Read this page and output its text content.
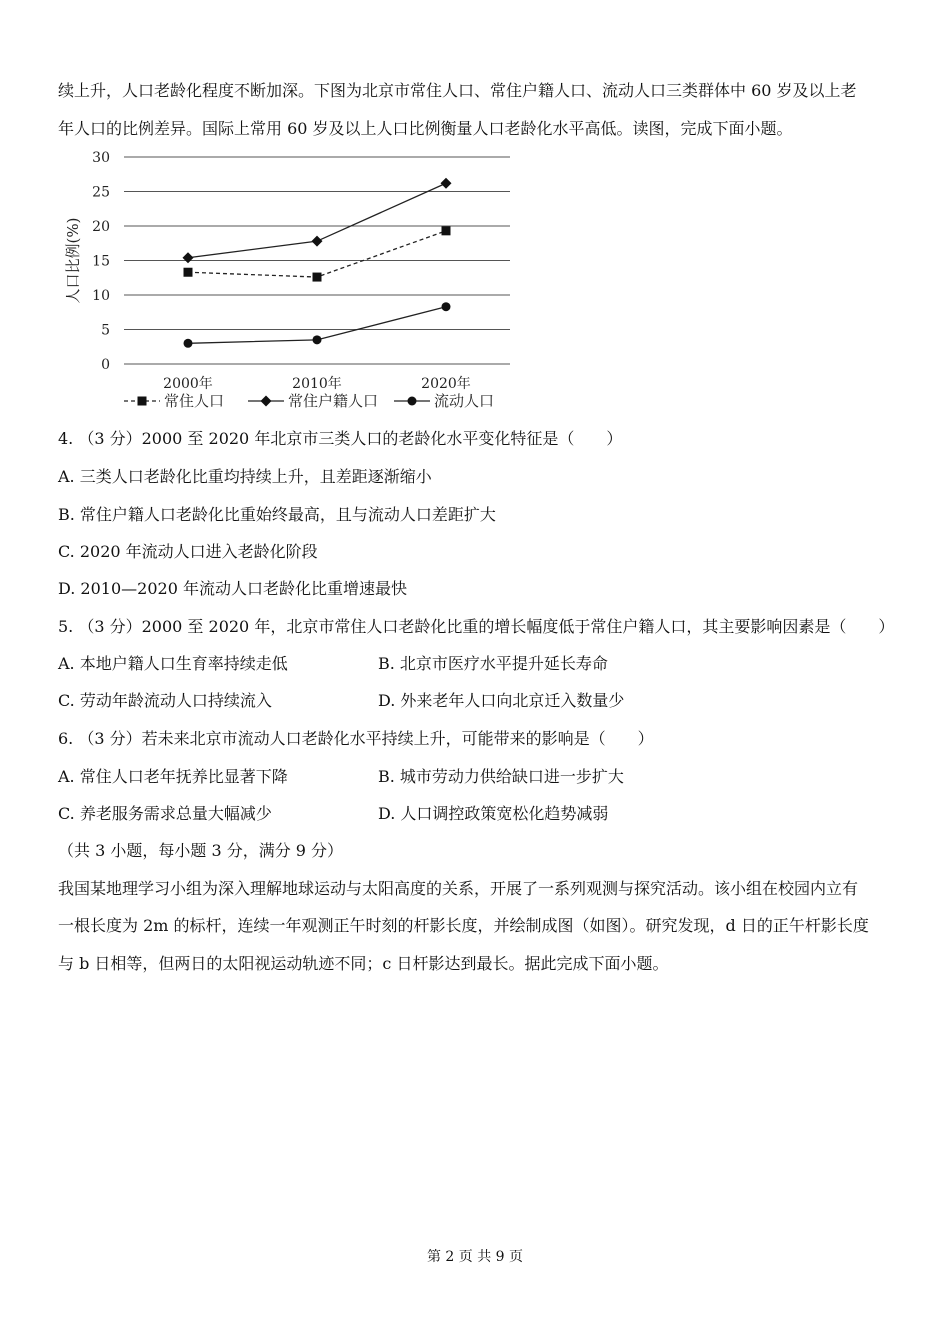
续上升，人口老龄化程度不断加深。下图为北京市常住人口、常住户籍人口、流动人口三类群体中 60 岁及以上老

年人口的比例差异。国际上常用 60 岁及以上人口比例衡量人口老龄化水平高低。读图，完成下面小题。

0
5
10
15
20
25
30
人口比例(%)
2000年	2010年	2020年
常住人口	常住户籍人口	流动人口

4. （3 分）2000 至 2020 年北京市三类人口的老龄化水平变化特征是（　　）

A. 三类人口老龄化比重均持续上升，且差距逐渐缩小

B. 常住户籍人口老龄化比重始终最高，且与流动人口差距扩大

C. 2020 年流动人口进入老龄化阶段

D. 2010—2020 年流动人口老龄化比重增速最快

5. （3 分）2000 至 2020 年，北京市常住人口老龄化比重的增长幅度低于常住户籍人口，其主要影响因素是（　　）

A. 本地户籍人口生育率持续走低	B. 北京市医疗水平提升延长寿命

C. 劳动年龄流动人口持续流入	D. 外来老年人口向北京迁入数量少

6. （3 分）若未来北京市流动人口老龄化水平持续上升，可能带来的影响是（　　）

A. 常住人口老年抚养比显著下降	B. 城市劳动力供给缺口进一步扩大

C. 养老服务需求总量大幅减少	D. 人口调控政策宽松化趋势减弱

（共 3 小题，每小题 3 分，满分 9 分）

我国某地理学习小组为深入理解地球运动与太阳高度的关系，开展了一系列观测与探究活动。该小组在校园内立有

一根长度为 2m 的标杆，连续一年观测正午时刻的杆影长度，并绘制成图（如图）。研究发现，d 日的正午杆影长度

与 b 日相等，但两日的太阳视运动轨迹不同；c 日杆影达到最长。据此完成下面小题。

第 2 页 共 9 页
